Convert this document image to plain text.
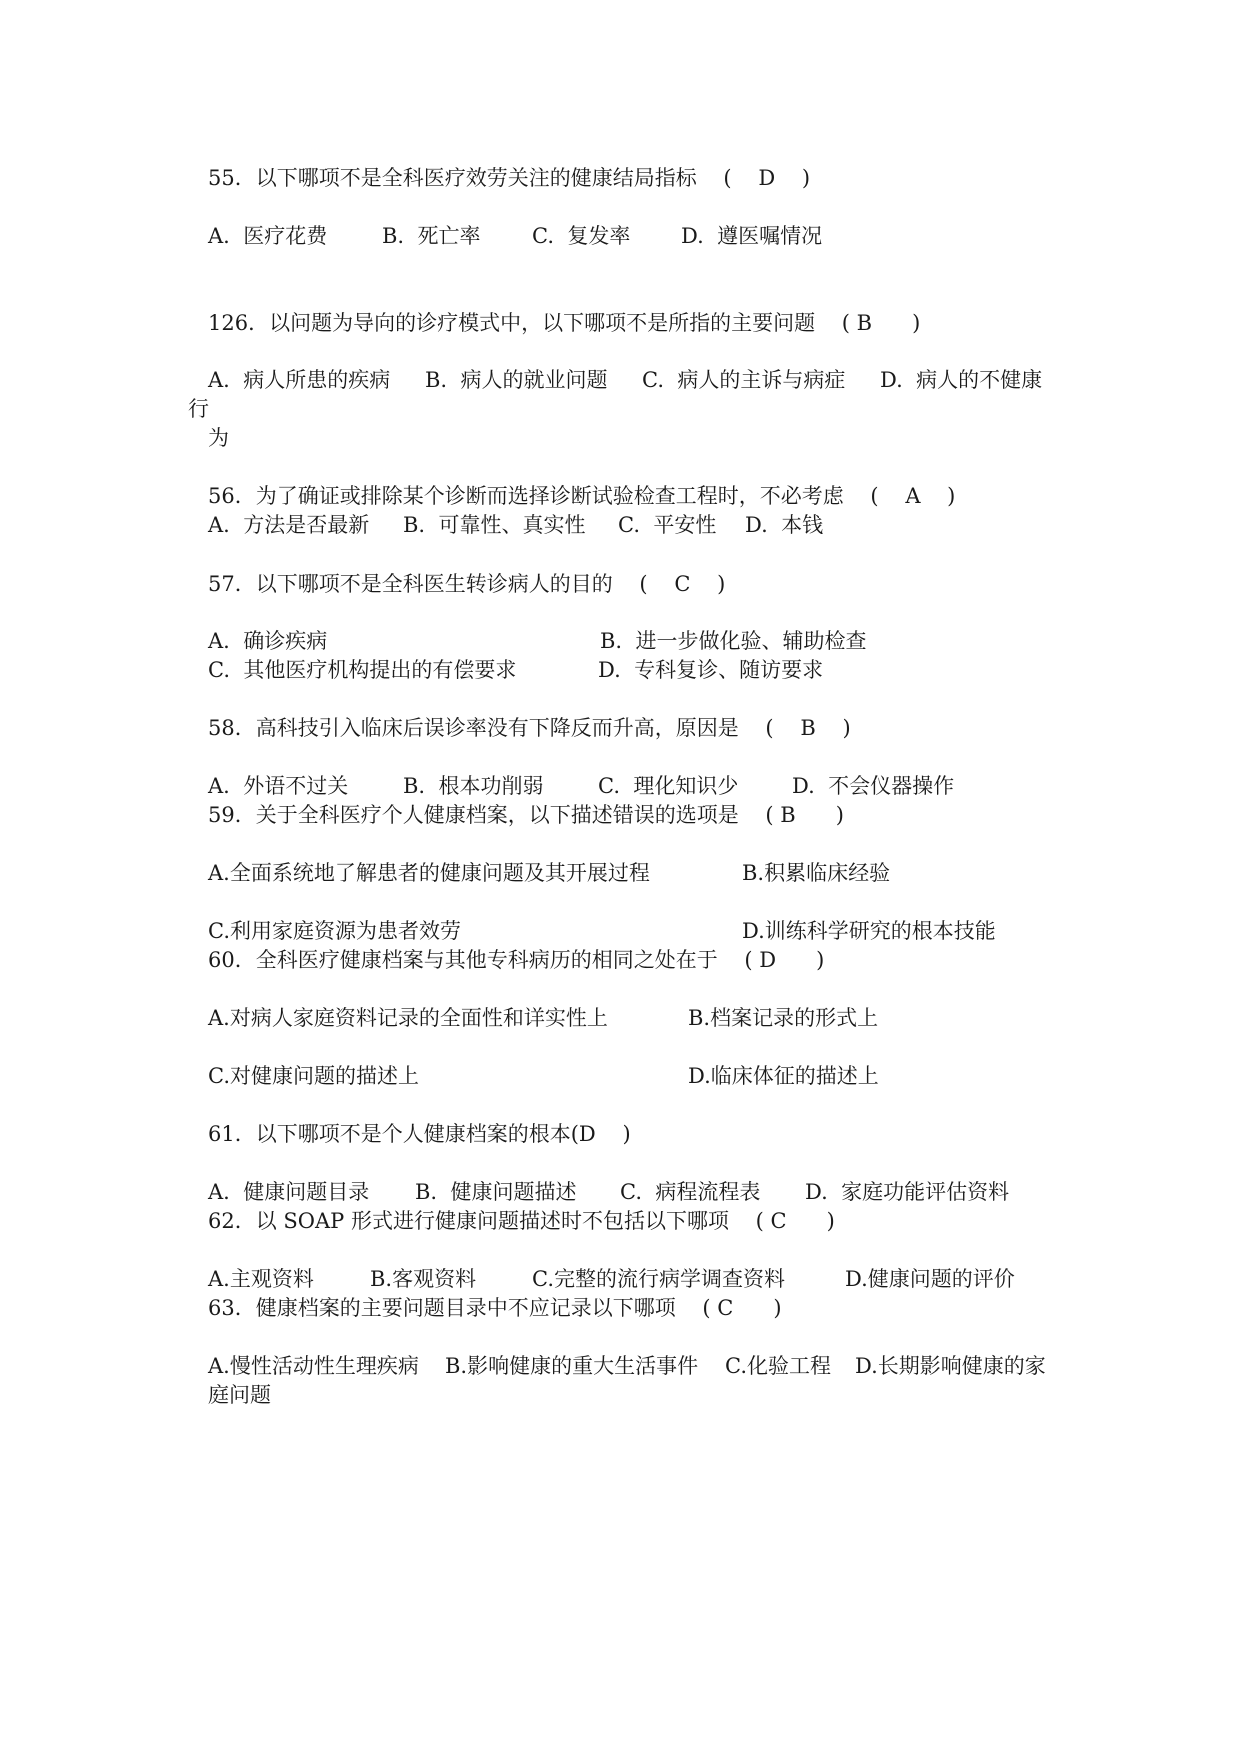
55．以下哪项不是全科医疗效劳关注的健康结局指标    (    D    )
A.  医疗花费	B.  死亡率 C.  复发率 D.  遵医嘱情况
126．以问题为导向的诊疗模式中，以下哪项不是所指的主要问题    ( B      )
A.  病人所患的疾病 B.  病人的就业问题 C.  病人的主诉与病症 D.  病人的不健康
行
为
56．为了确证或排除某个诊断而选择诊断试验检查工程时，不必考虑    (    A    )
A.  方法是否最新 B.  可靠性、真实性 C.  平安性 D.  本钱
57．以下哪项不是全科医生转诊病人的目的    (    C    )
A.  确诊疾病	B.  进一步做化验、辅助检查
C.  其他医疗机构提出的有偿要求	D.  专科复诊、随访要求
58．高科技引入临床后误诊率没有下降反而升高，原因是    (    B    )
A.  外语不过关	B.  根本功削弱	C.  理化知识少	D.  不会仪器操作
59．关于全科医疗个人健康档案，以下描述错误的选项是    ( B      )
A.全面系统地了解患者的健康问题及其开展过程	B.积累临床经验
C.利用家庭资源为患者效劳	D.训练科学研究的根本技能
60．全科医疗健康档案与其他专科病历的相同之处在于    ( D      )
A.对病人家庭资料记录的全面性和详实性上	B.档案记录的形式上
C.对健康问题的描述上	D.临床体征的描述上
61．以下哪项不是个人健康档案的根本(D    )
A.  健康问题目录 B.  健康问题描述 C.  病程流程表 D.  家庭功能评估资料
62．以 SOAP 形式进行健康问题描述时不包括以下哪项    ( C      )
A.主观资料	B.客观资料	C.完整的流行病学调查资料	D.健康问题的评价
63．健康档案的主要问题目录中不应记录以下哪项    ( C      )
A.慢性活动性生理疾病 B.影响健康的重大生活事件 C.化验工程 D.长期影响健康的家
庭问题
